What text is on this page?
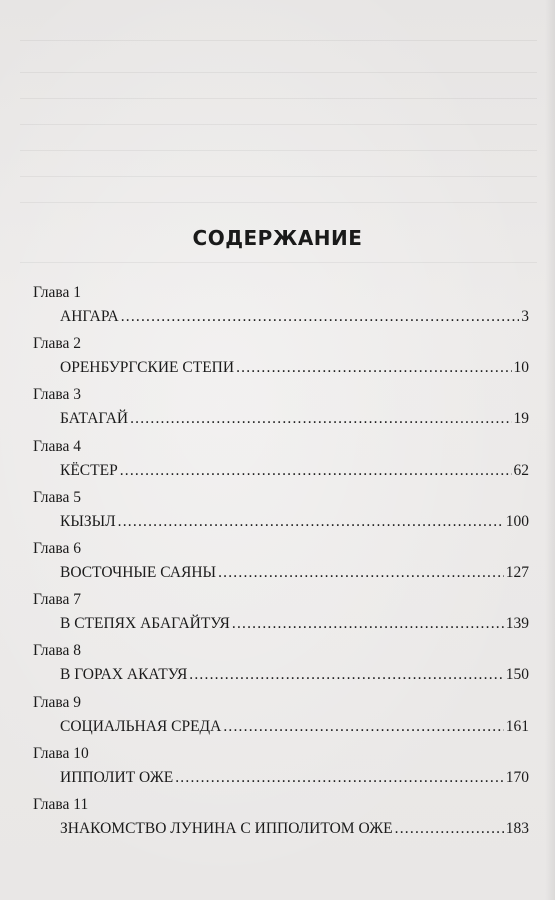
СОДЕРЖАНИЕ
Глава 1
АНГАРА .....	3
Глава 2
ОРЕНБУРГСКИЕ СТЕПИ .....	10
Глава 3
БАТАГАЙ .....	19
Глава 4
КЁСТЕР .....	62
Глава 5
КЫЗЫЛ .....	100
Глава 6
ВОСТОЧНЫЕ САЯНЫ .....	127
Глава 7
В СТЕПЯХ АБАГАЙТУЯ .....	139
Глава 8
В ГОРАХ АКАТУЯ .....	150
Глава 9
СОЦИАЛЬНАЯ СРЕДА .....	161
Глава 10
ИППОЛИТ ОЖЕ .....	170
Глава 11
ЗНАКОМСТВО ЛУНИНА С ИППОЛИТОМ ОЖЕ .....	183
